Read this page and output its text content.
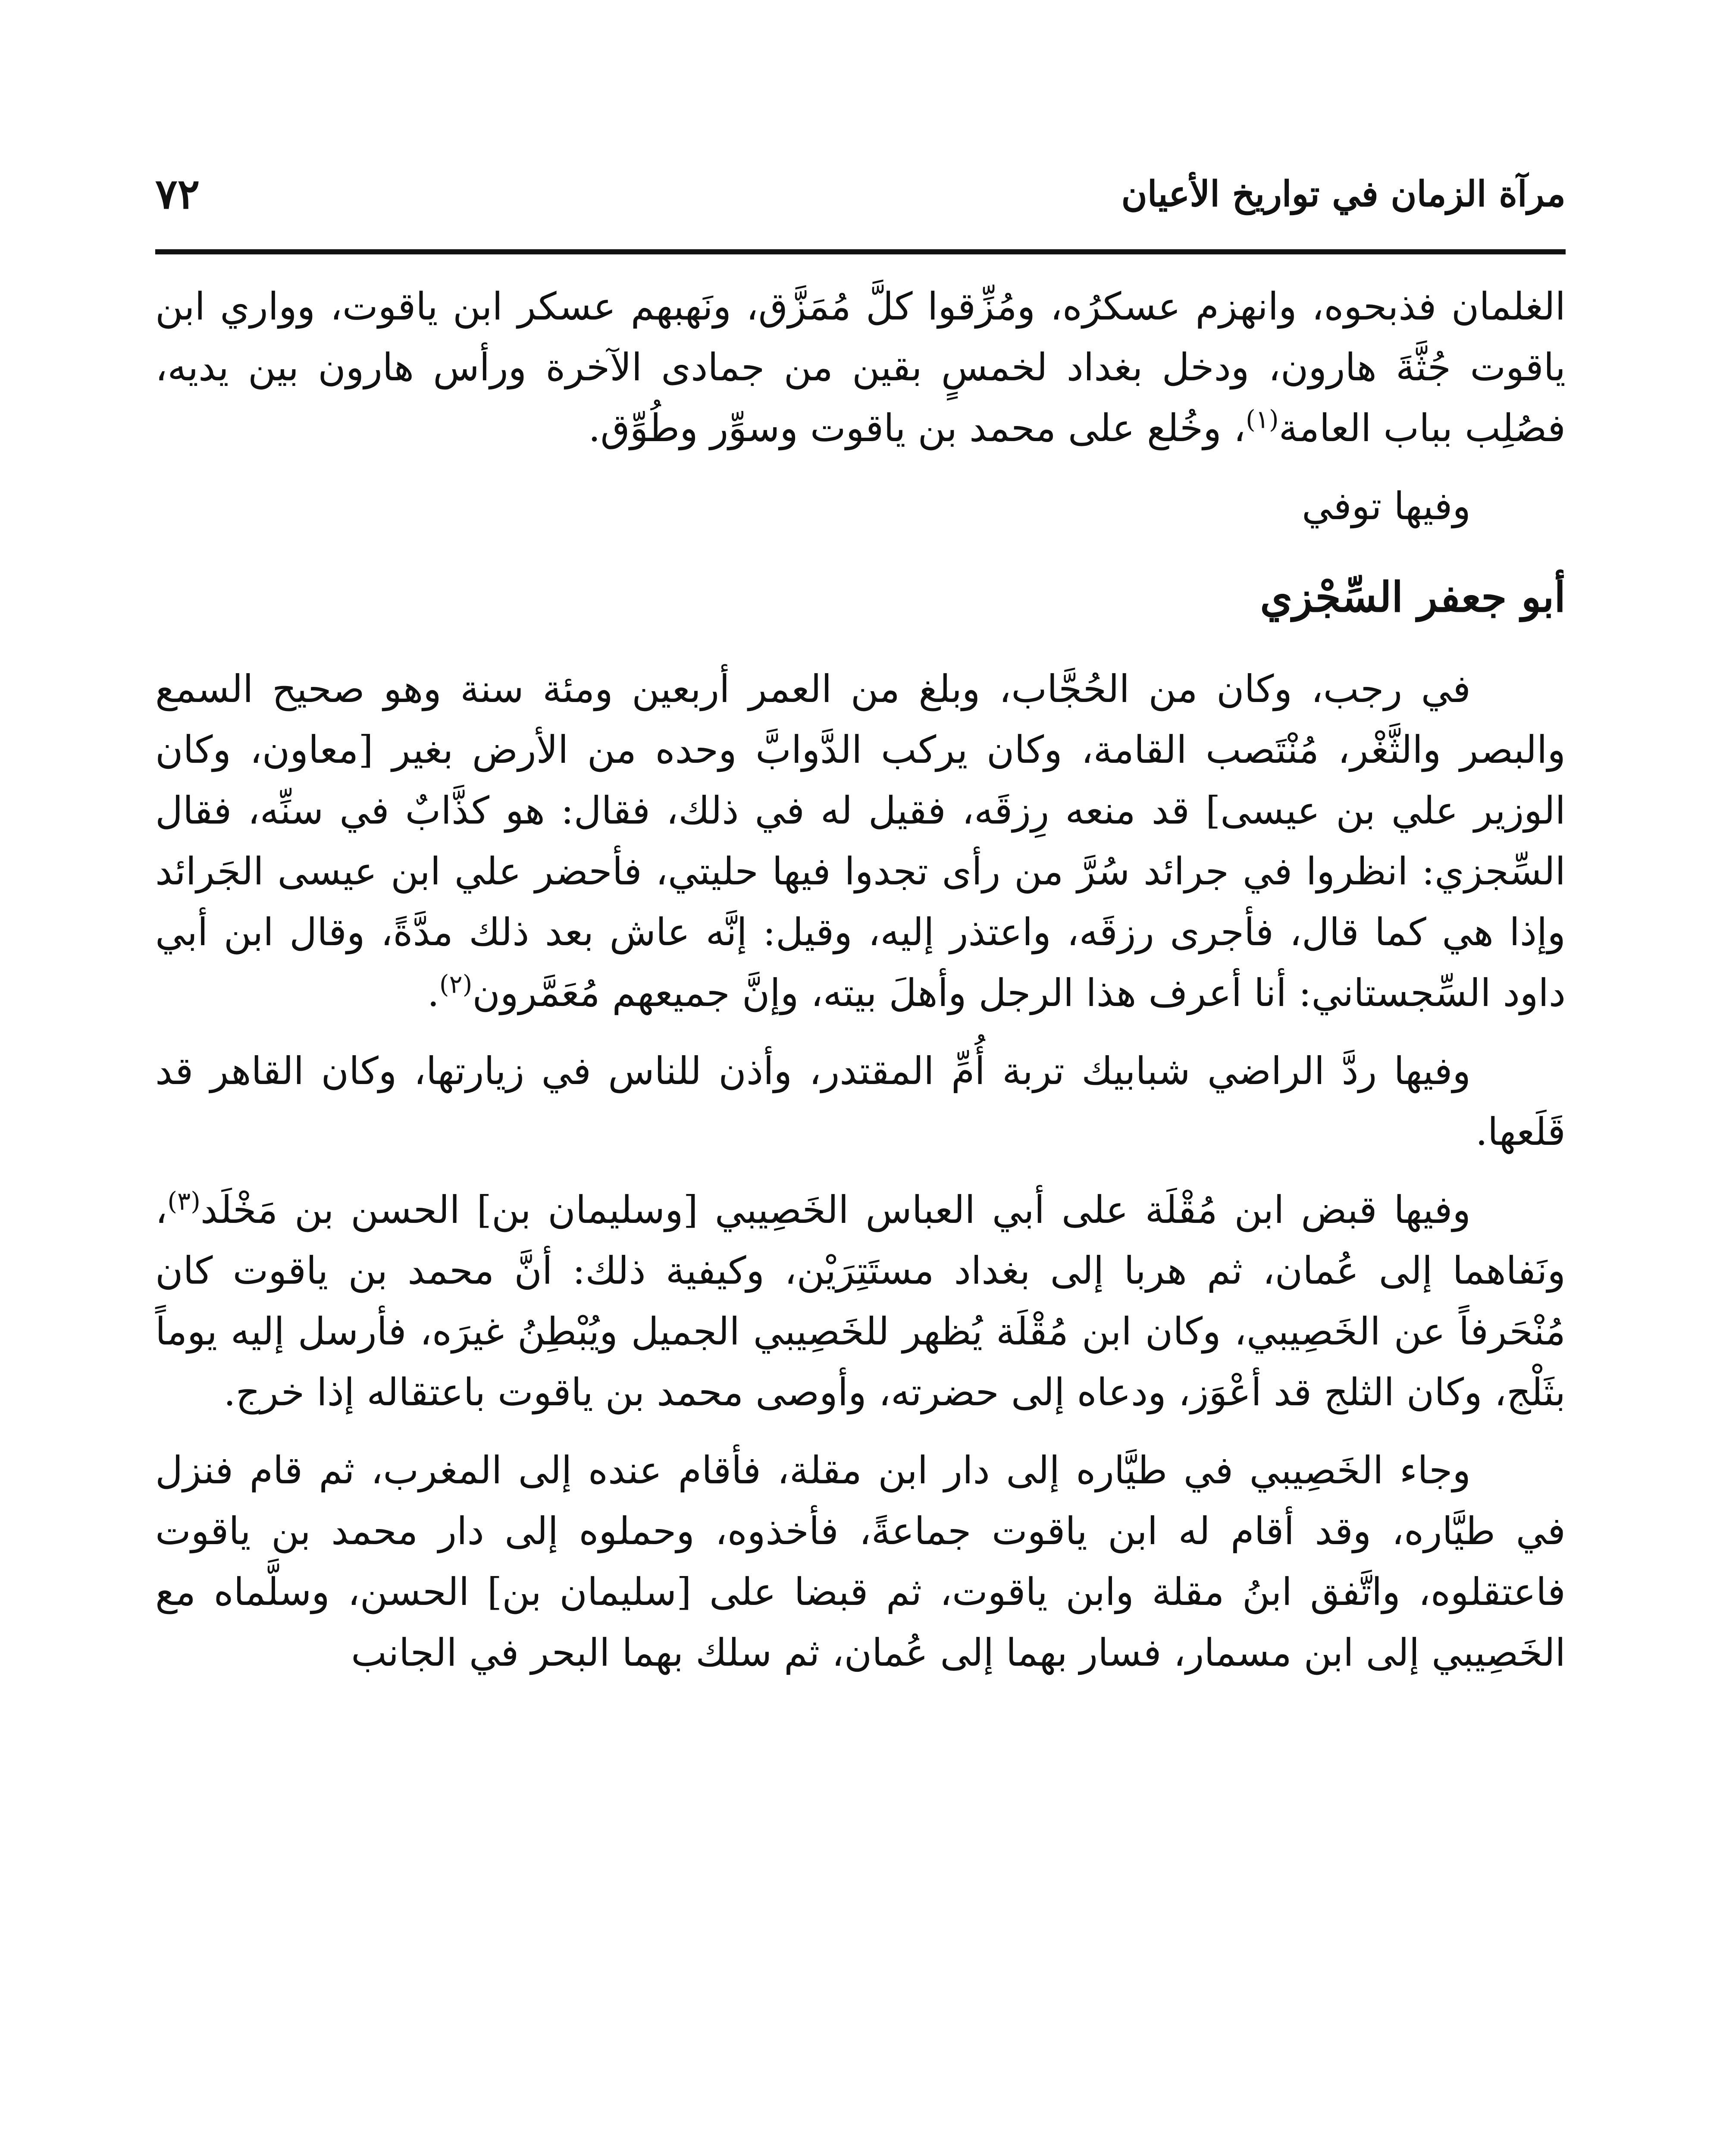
٧٢	مرآة الزمان في تواريخ الأعيان

الغلمان فذبحوه، وانهزم عسكرُه، ومُزِّقوا كلَّ مُمَزَّق، ونَهبهم عسكر ابن ياقوت، وواري ابن ياقوت جُثَّةَ هارون، ودخل بغداد لخمسٍ بقين من جمادى الآخرة ورأس هارون بين يديه، فصُلِب بباب العامة$^{(١)}$، وخُلع على محمد بن ياقوت وسوِّر وطُوِّق.

وفيها توفي

أبو جعفر السِّجْزي

في رجب، وكان من الحُجَّاب، وبلغ من العمر أربعين ومئة سنة وهو صحيح السمع والبصر والثَّغْر، مُنْتَصب القامة، وكان يركب الدَّوابَّ وحده من الأرض بغير [معاون، وكان الوزير علي بن عيسى] قد منعه رِزقَه، فقيل له في ذلك، فقال: هو كذَّابٌ في سنِّه، فقال السِّجزي: انظروا في جرائد سُرَّ من رأى تجدوا فيها حليتي، فأحضر علي ابن عيسى الجَرائد وإذا هي كما قال، فأجرى رزقَه، واعتذر إليه، وقيل: إنَّه عاش بعد ذلك مدَّةً، وقال ابن أبي داود السِّجستاني: أنا أعرف هذا الرجل وأهلَ بيته، وإنَّ جميعهم مُعَمَّرون$^{(٢)}$.

وفيها ردَّ الراضي شبابيك تربة أُمِّ المقتدر، وأذن للناس في زيارتها، وكان القاهر قد قَلَعها.

وفيها قبض ابن مُقْلَة على أبي العباس الخَصِيبي [وسليمان بن] الحسن بن مَخْلَد$^{(٣)}$، ونَفاهما إلى عُمان، ثم هربا إلى بغداد مستَتِرَيْن، وكيفية ذلك: أنَّ محمد بن ياقوت كان مُنْحَرفاً عن الخَصِيبي، وكان ابن مُقْلَة يُظهر للخَصِيبي الجميل ويُبْطِنُ غيرَه، فأرسل إليه يوماً بثَلْج، وكان الثلج قد أعْوَز، ودعاه إلى حضرته، وأوصى محمد بن ياقوت باعتقاله إذا خرج.

وجاء الخَصِيبي في طيَّاره إلى دار ابن مقلة، فأقام عنده إلى المغرب، ثم قام فنزل في طيَّاره، وقد أقام له ابن ياقوت جماعةً، فأخذوه، وحملوه إلى دار محمد بن ياقوت فاعتقلوه، واتَّفق ابنُ مقلة وابن ياقوت، ثم قبضا على [سليمان بن] الحسن، وسلَّماه مع الخَصِيبي إلى ابن مسمار، فسار بهما إلى عُمان، ثم سلك بهما البحر في الجانب
